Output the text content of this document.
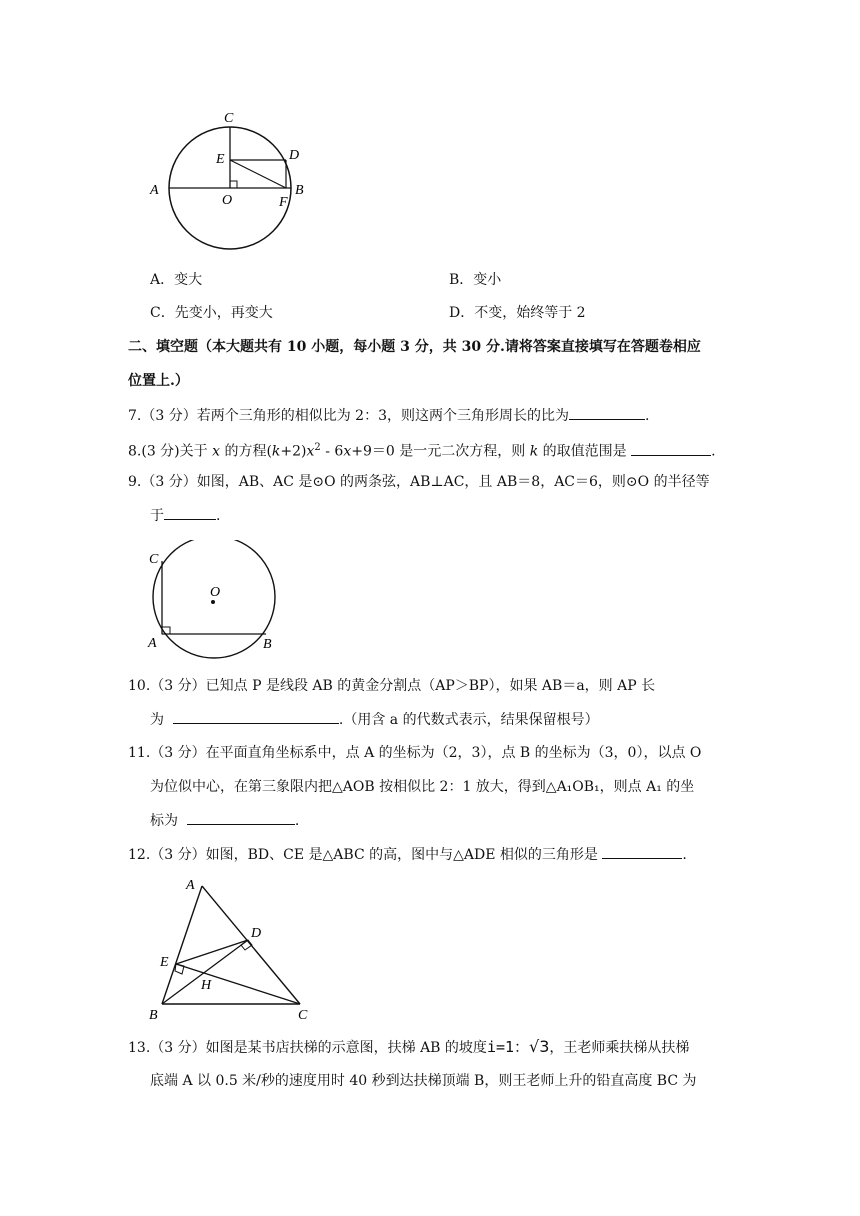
C
E	D
A
O	F
B
A．变大	B．变小
C．先变小，再变大	D．不变，始终等于 2
二、填空题（本大题共有 10 小题，每小题 3 分，共 30 分.请将答案直接填写在答题卷相应
位置上.）
7.（3 分）若两个三角形的相似比为 2：3，则这两个三角形周长的比为	.
8.(3 分)关于 x 的方程$(k+2)x^2 - 6x+9=0$ 是一元二次方程，则 k 的取值范围是	.
9.（3 分）如图，AB、AC 是⊙O 的两条弦，AB⊥AC，且 AB＝8，AC＝6，则⊙O 的半径等
于	.
C
O
A	B
10.（3 分）已知点 P 是线段 AB 的黄金分割点（AP＞BP），如果 AB＝a，则 AP 长
为	.（用含 a 的代数式表示，结果保留根号）
11.（3 分）在平面直角坐标系中，点 A 的坐标为（2，3），点 B 的坐标为（3，0），以点 O
为位似中心，在第三象限内把△AOB 按相似比 2：1 放大，得到△A₁OB₁，则点 A₁ 的坐
标为	.
12.（3 分）如图，BD、CE 是△ABC 的高，图中与△ADE 相似的三角形是	.
A
D
E
H
B	C
13.（3 分）如图是某书店扶梯的示意图，扶梯 AB 的坡度i=1：√3，王老师乘扶梯从扶梯
底端 A 以 0.5 米/秒的速度用时 40 秒到达扶梯顶端 B，则王老师上升的铅直高度 BC 为
